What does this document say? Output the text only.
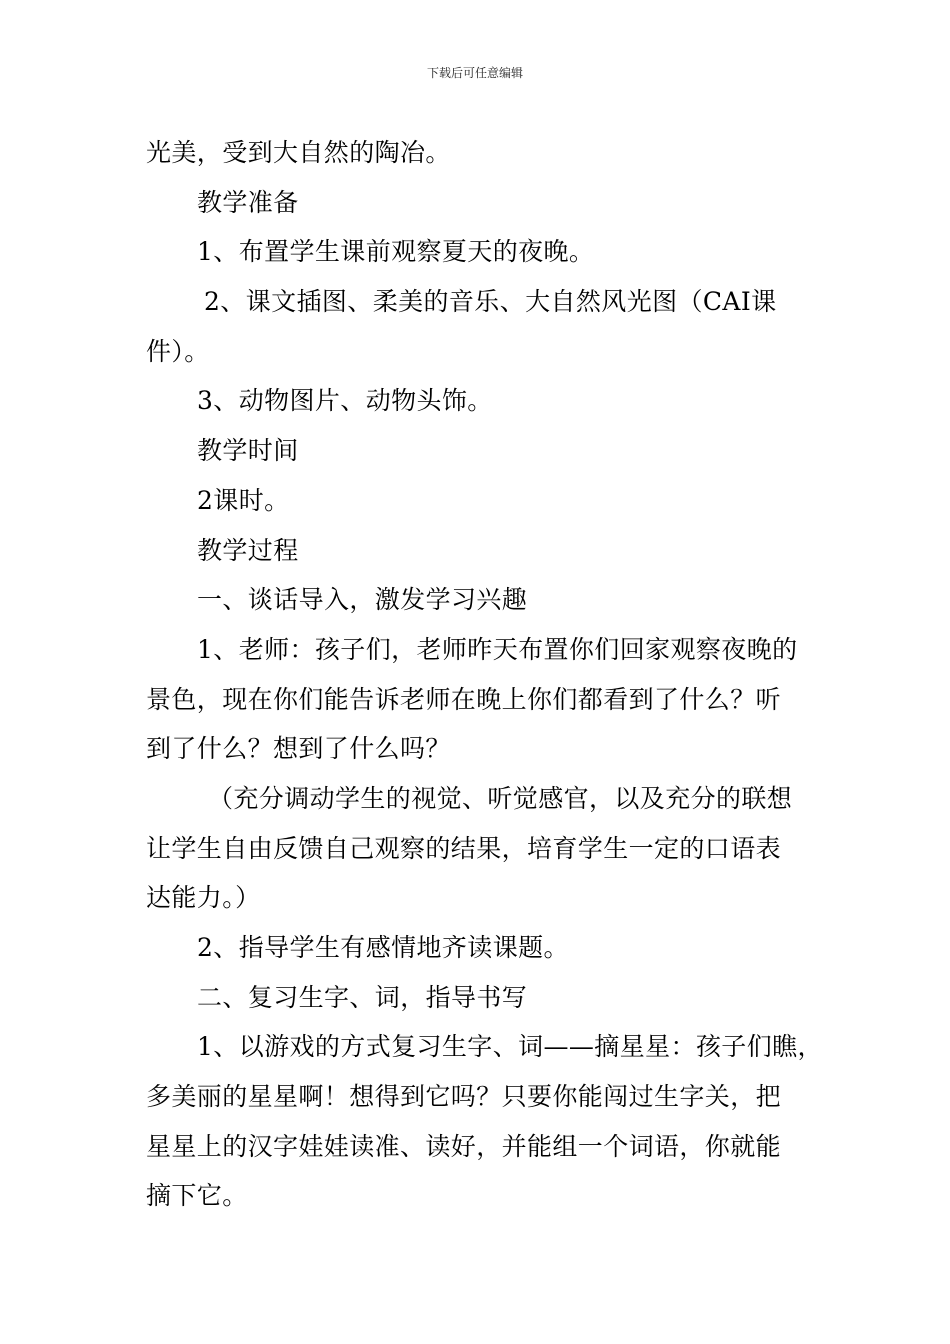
下载后可任意编辑
光美，受到大自然的陶冶。
教学准备
1、布置学生课前观察夏天的夜晚。
2、课文插图、柔美的音乐、大自然风光图（CAI课
件）。
3、动物图片、动物头饰。
教学时间
2课时。
教学过程
一、谈话导入，激发学习兴趣
1、老师：孩子们，老师昨天布置你们回家观察夜晚的
景色，现在你们能告诉老师在晚上你们都看到了什么？听
到了什么？想到了什么吗？
（充分调动学生的视觉、听觉感官，以及充分的联想
让学生自由反馈自己观察的结果，培育学生一定的口语表
达能力。）
2、指导学生有感情地齐读课题。
二、复习生字、词，指导书写
1、以游戏的方式复习生字、词——摘星星：孩子们瞧，
多美丽的星星啊！想得到它吗？只要你能闯过生字关，把
星星上的汉字娃娃读准、读好，并能组一个词语，你就能
摘下它。
